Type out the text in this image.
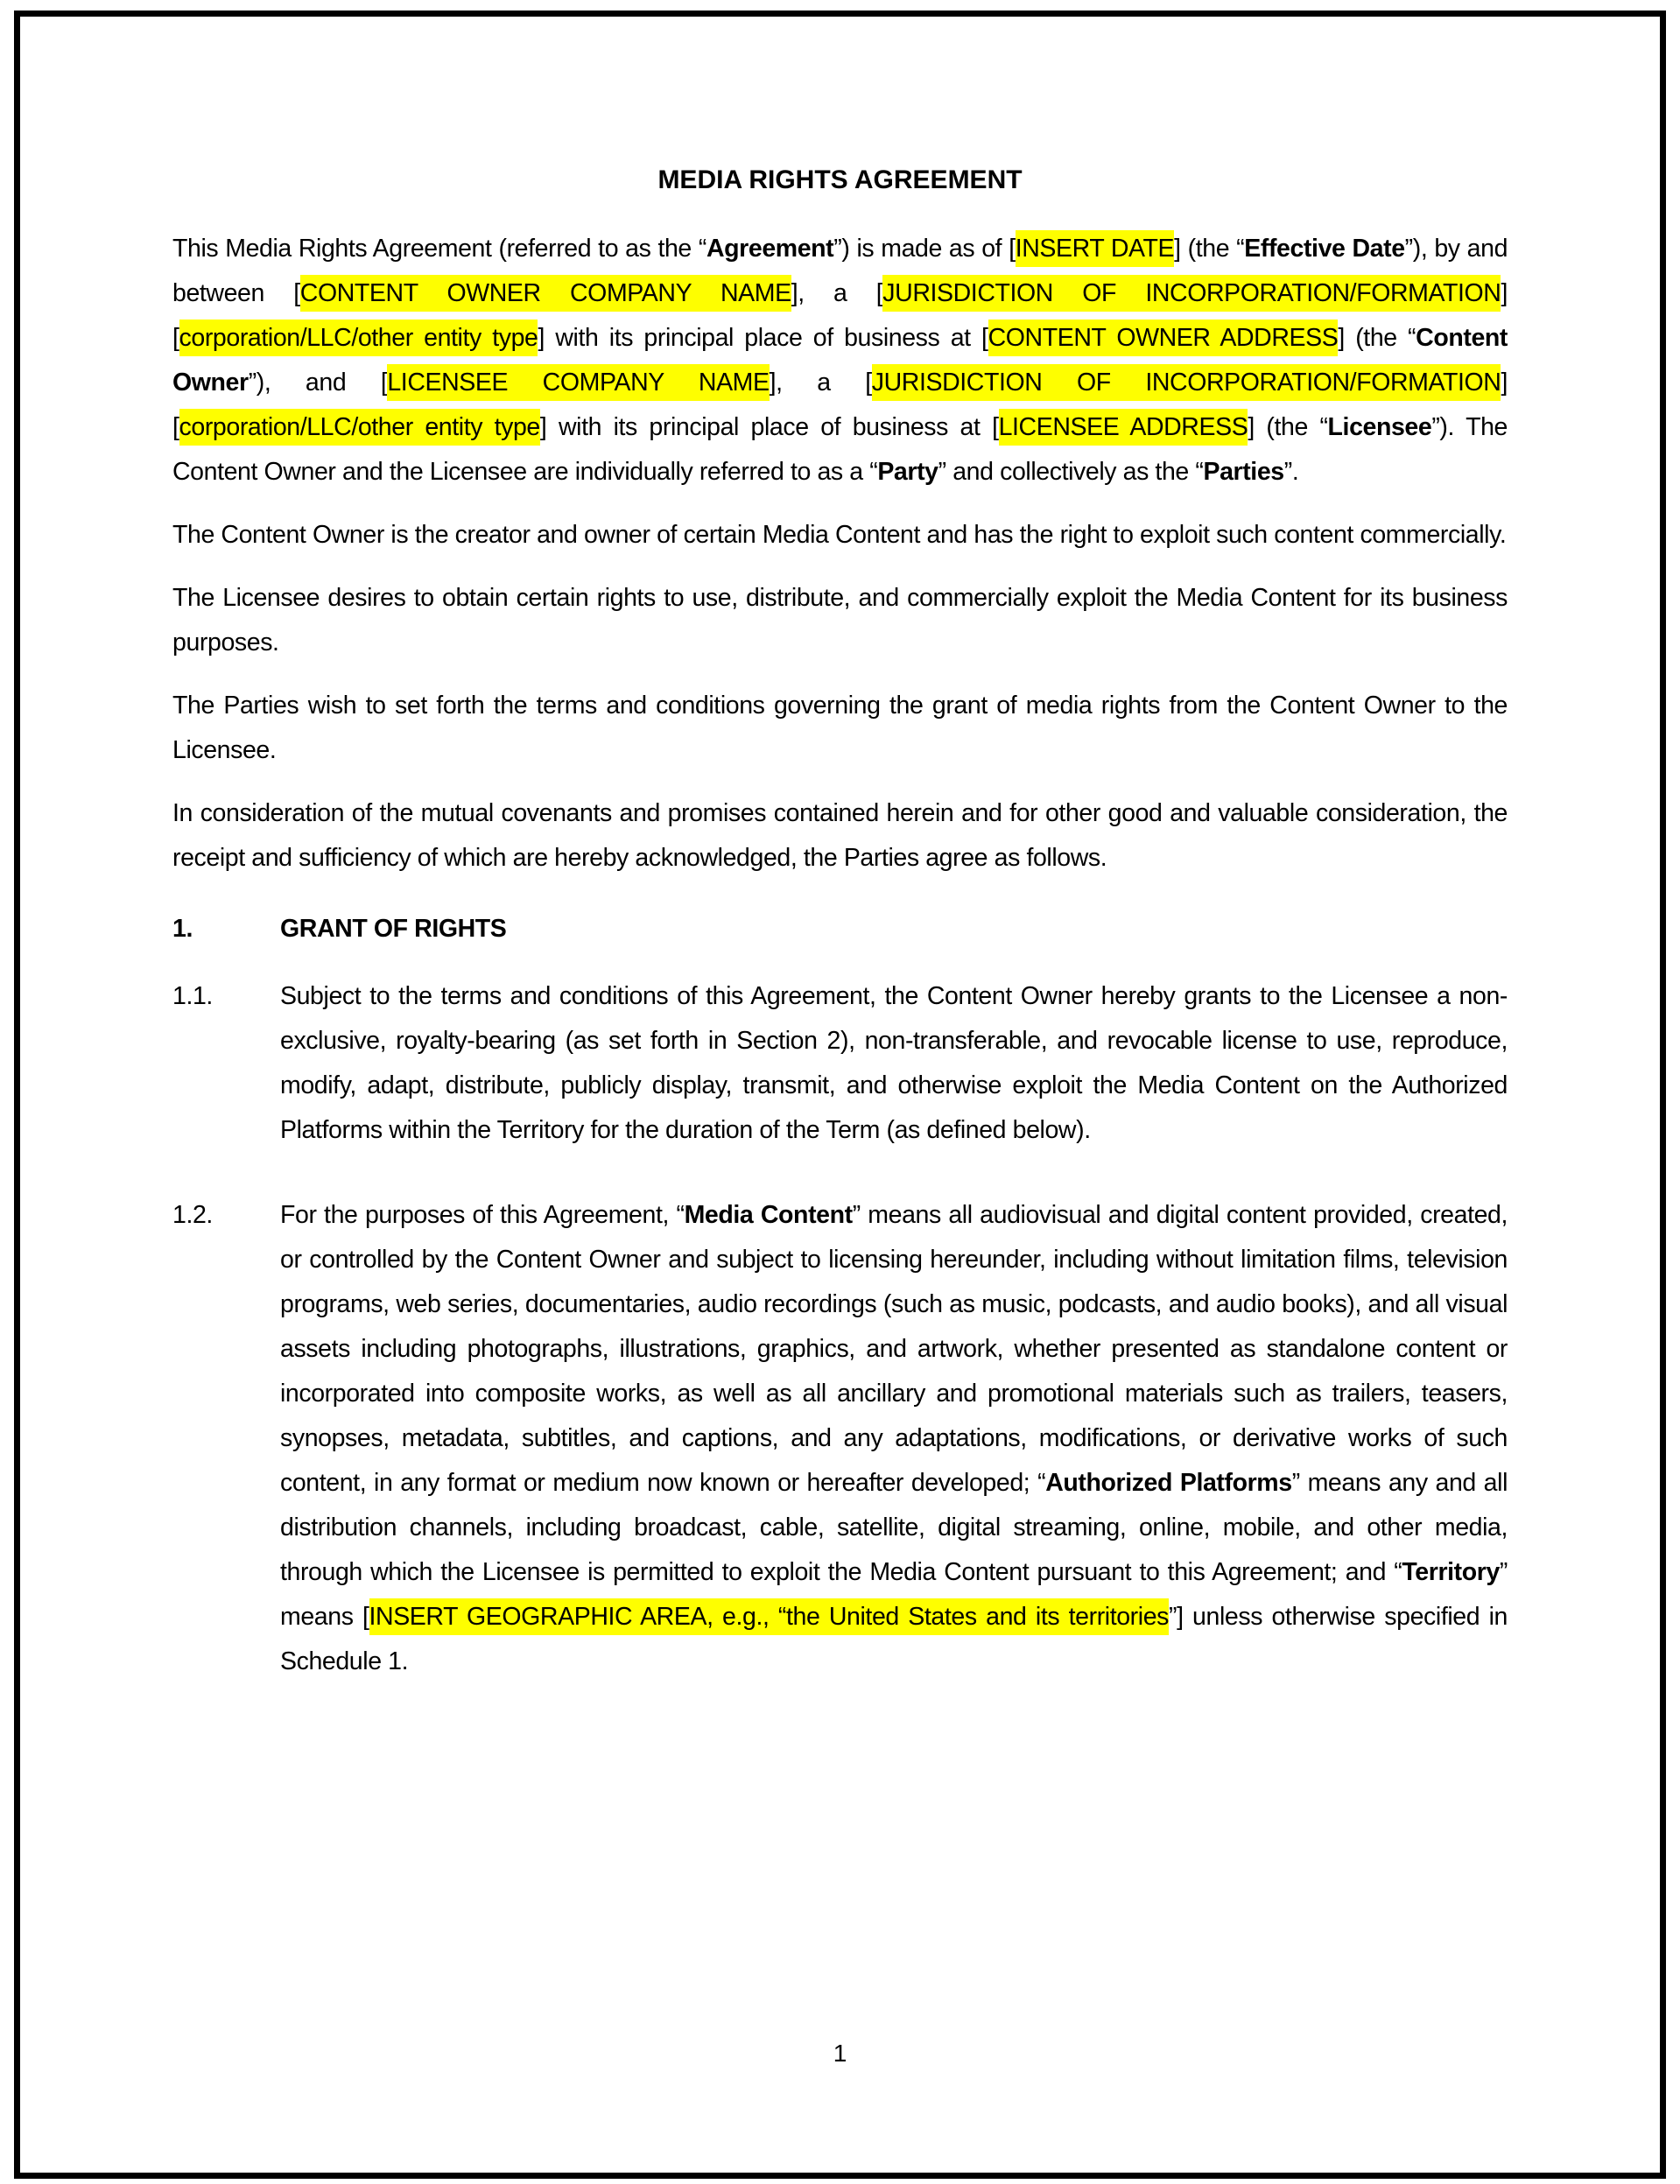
MEDIA RIGHTS AGREEMENT
This Media Rights Agreement (referred to as the “Agreement”) is made as of [INSERT DATE] (the “Effective Date”), by and between [CONTENT OWNER COMPANY NAME], a [JURISDICTION OF INCORPORATION/FORMATION] [corporation/LLC/other entity type] with its principal place of business at [CONTENT OWNER ADDRESS] (the “Content Owner”), and [LICENSEE COMPANY NAME], a [JURISDICTION OF INCORPORATION/FORMATION] [corporation/LLC/other entity type] with its principal place of business at [LICENSEE ADDRESS] (the “Licensee”). The Content Owner and the Licensee are individually referred to as a “Party” and collectively as the “Parties”.
The Content Owner is the creator and owner of certain Media Content and has the right to exploit such content commercially.
The Licensee desires to obtain certain rights to use, distribute, and commercially exploit the Media Content for its business purposes.
The Parties wish to set forth the terms and conditions governing the grant of media rights from the Content Owner to the Licensee.
In consideration of the mutual covenants and promises contained herein and for other good and valuable consideration, the receipt and sufficiency of which are hereby acknowledged, the Parties agree as follows.
1.	GRANT OF RIGHTS
1.1.	Subject to the terms and conditions of this Agreement, the Content Owner hereby grants to the Licensee a non-exclusive, royalty-bearing (as set forth in Section 2), non-transferable, and revocable license to use, reproduce, modify, adapt, distribute, publicly display, transmit, and otherwise exploit the Media Content on the Authorized Platforms within the Territory for the duration of the Term (as defined below).
1.2.	For the purposes of this Agreement, “Media Content” means all audiovisual and digital content provided, created, or controlled by the Content Owner and subject to licensing hereunder, including without limitation films, television programs, web series, documentaries, audio recordings (such as music, podcasts, and audio books), and all visual assets including photographs, illustrations, graphics, and artwork, whether presented as standalone content or incorporated into composite works, as well as all ancillary and promotional materials such as trailers, teasers, synopses, metadata, subtitles, and captions, and any adaptations, modifications, or derivative works of such content, in any format or medium now known or hereafter developed; “Authorized Platforms” means any and all distribution channels, including broadcast, cable, satellite, digital streaming, online, mobile, and other media, through which the Licensee is permitted to exploit the Media Content pursuant to this Agreement; and “Territory” means [INSERT GEOGRAPHIC AREA, e.g., “the United States and its territories”] unless otherwise specified in Schedule 1.
1
